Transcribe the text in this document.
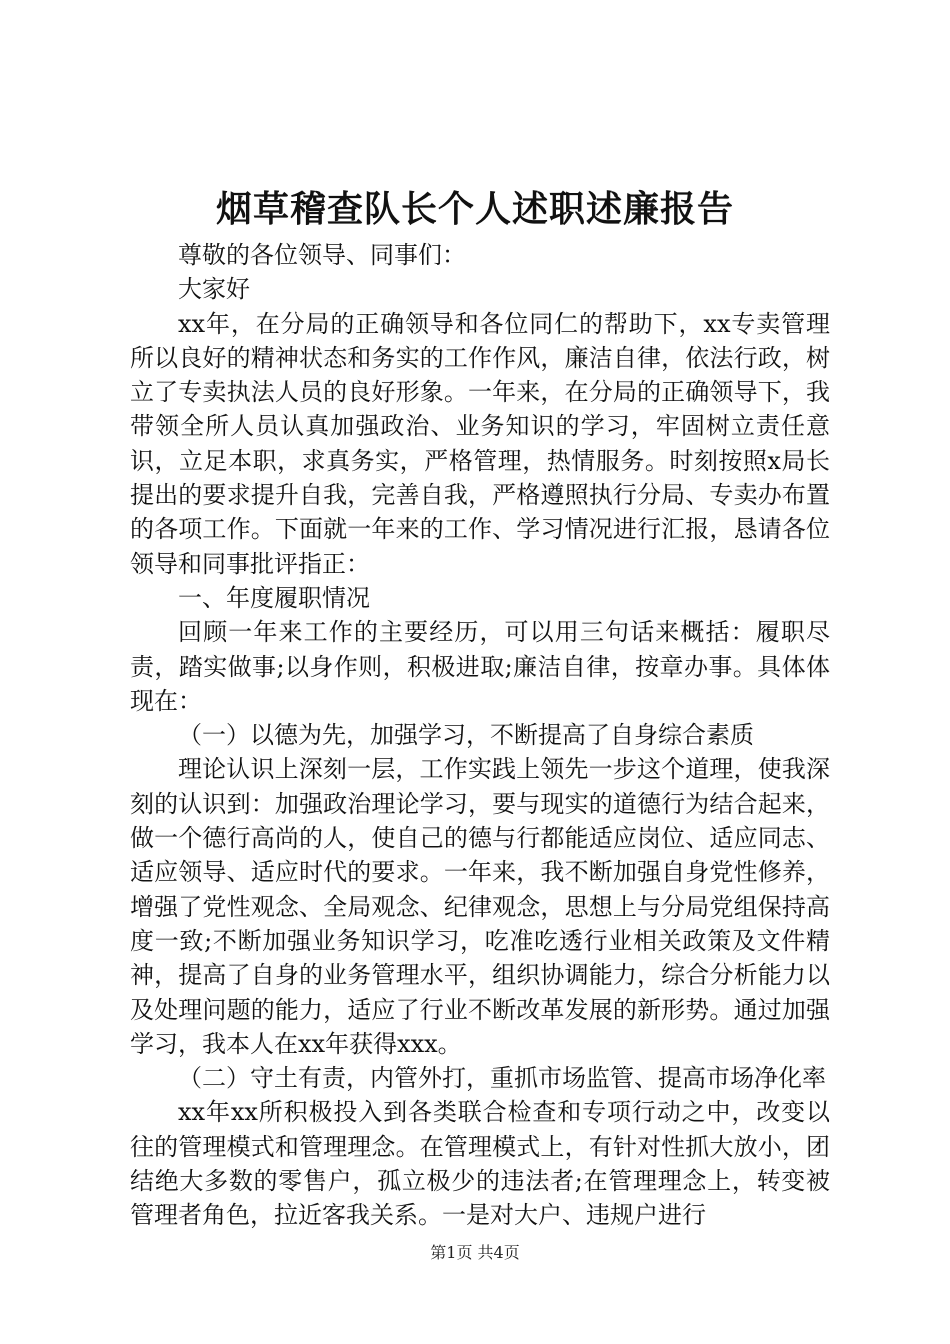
烟草稽查队长个人述职述廉报告

尊敬的各位领导、同事们：

大家好

xx年，在分局的正确领导和各位同仁的帮助下，xx专卖管理所以良好的精神状态和务实的工作作风，廉洁自律，依法行政，树立了专卖执法人员的良好形象。一年来，在分局的正确领导下，我带领全所人员认真加强政治、业务知识的学习，牢固树立责任意识，立足本职，求真务实，严格管理，热情服务。时刻按照x局长提出的要求提升自我，完善自我，严格遵照执行分局、专卖办布置的各项工作。下面就一年来的工作、学习情况进行汇报，恳请各位领导和同事批评指正：

一、年度履职情况

回顾一年来工作的主要经历，可以用三句话来概括：履职尽责，踏实做事;以身作则，积极进取;廉洁自律，按章办事。具体体现在：

（一）以德为先，加强学习，不断提高了自身综合素质

理论认识上深刻一层，工作实践上领先一步这个道理，使我深刻的认识到：加强政治理论学习，要与现实的道德行为结合起来，做一个德行高尚的人，使自己的德与行都能适应岗位、适应同志、适应领导、适应时代的要求。一年来，我不断加强自身党性修养，增强了党性观念、全局观念、纪律观念，思想上与分局党组保持高度一致;不断加强业务知识学习，吃准吃透行业相关政策及文件精神，提高了自身的业务管理水平，组织协调能力，综合分析能力以及处理问题的能力，适应了行业不断改革发展的新形势。通过加强学习，我本人在xx年获得xxx。

（二）守土有责，内管外打，重抓市场监管、提高市场净化率

xx年xx所积极投入到各类联合检查和专项行动之中，改变以往的管理模式和管理理念。在管理模式上，有针对性抓大放小，团结绝大多数的零售户，孤立极少的违法者;在管理理念上，转变被管理者角色，拉近客我关系。一是对大户、违规户进行

第1页 共4页
